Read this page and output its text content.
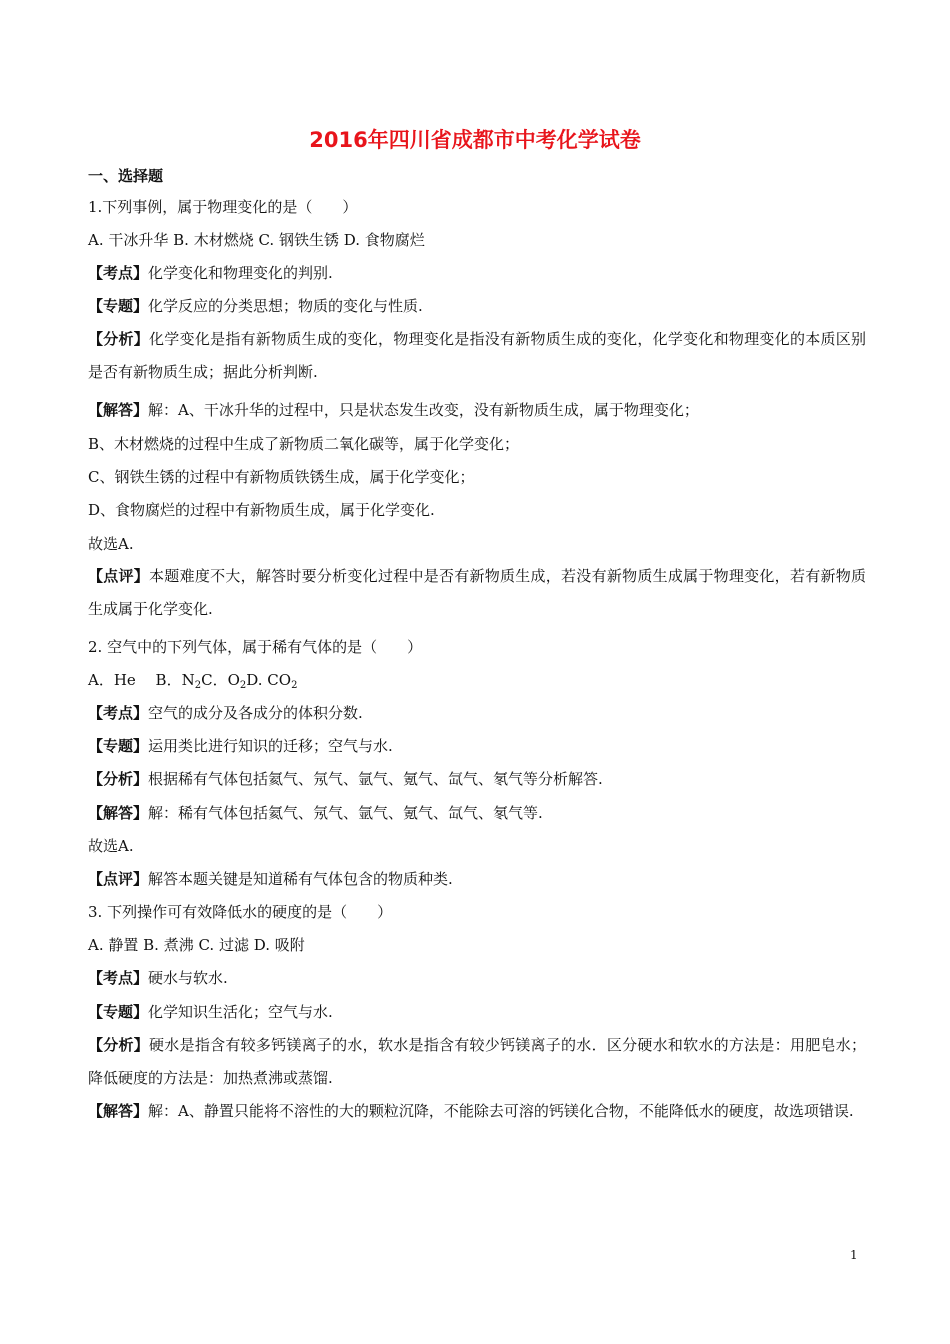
2016年四川省成都市中考化学试卷
一、选择题
1.下列事例，属于物理变化的是（　　）
A. 干冰升华 B. 木材燃烧 C. 钢铁生锈 D. 食物腐烂
【考点】化学变化和物理变化的判别.
【专题】化学反应的分类思想；物质的变化与性质.
【分析】化学变化是指有新物质生成的变化，物理变化是指没有新物质生成的变化，化学变化和物理变化的本质区别是否有新物质生成；据此分析判断.
【解答】解：A、干冰升华的过程中，只是状态发生改变，没有新物质生成，属于物理变化；
B、木材燃烧的过程中生成了新物质二氧化碳等，属于化学变化；
C、钢铁生锈的过程中有新物质铁锈生成，属于化学变化；
D、食物腐烂的过程中有新物质生成，属于化学变化.
故选A.
【点评】本题难度不大，解答时要分析变化过程中是否有新物质生成，若没有新物质生成属于物理变化，若有新物质生成属于化学变化.
2. 空气中的下列气体，属于稀有气体的是（　　）
A．He　 B．$N_2C$．$O_2D$. $CO_2$
【考点】空气的成分及各成分的体积分数.
【专题】运用类比进行知识的迁移；空气与水.
【分析】根据稀有气体包括氦气、氖气、氩气、氪气、氙气、氡气等分析解答.
【解答】解：稀有气体包括氦气、氖气、氩气、氪气、氙气、氡气等.
故选A.
【点评】解答本题关键是知道稀有气体包含的物质种类.
3. 下列操作可有效降低水的硬度的是（　　）
A. 静置 B. 煮沸 C. 过滤 D. 吸附
【考点】硬水与软水.
【专题】化学知识生活化；空气与水.
【分析】硬水是指含有较多钙镁离子的水，软水是指含有较少钙镁离子的水．区分硬水和软水的方法是：用肥皂水；降低硬度的方法是：加热煮沸或蒸馏.
【解答】解：A、静置只能将不溶性的大的颗粒沉降，不能除去可溶的钙镁化合物，不能降低水的硬度，故选项错误.
1
